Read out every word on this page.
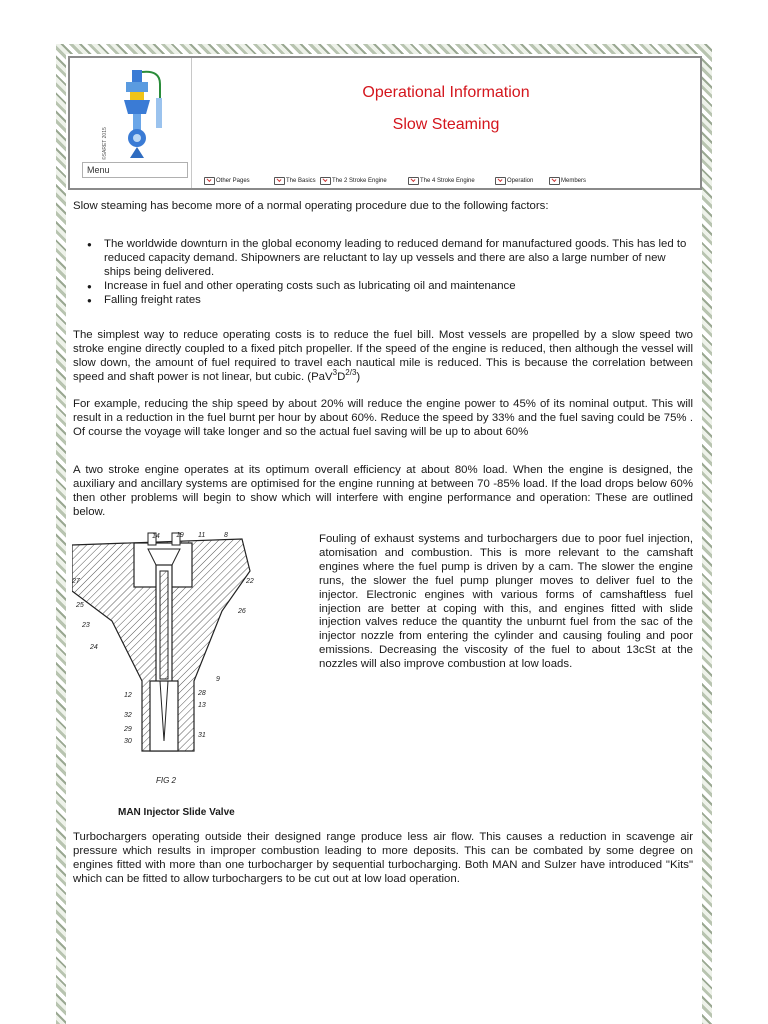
©SARET 2015
Menu
Operational Information
Slow Steaming
Other Pages	The Basics	The 2 Stroke Engine	The 4 Stroke Engine	Operation	Members

Slow steaming has become more of a normal operating procedure due to the following factors:

● The worldwide downturn in the global economy leading to reduced demand for manufactured goods. This has led to reduced capacity demand. Shipowners are reluctant to lay up vessels and there are also a large number of new ships being delivered.
● Increase in fuel and other operating costs such as lubricating oil and maintenance
● Falling freight rates

The simplest way to reduce operating costs is to reduce the fuel bill. Most vessels are propelled by a slow speed two stroke engine directly coupled to a fixed pitch propeller. If the speed of the engine is reduced, then although the vessel will slow down, the amount of fuel required to travel each nautical mile is reduced. This is because the correlation between speed and shaft power is not linear, but cubic. $(PaV^3D^{2/3})$

For example, reducing the ship speed by about 20% will reduce the engine power to 45% of its nominal output. This will result in a reduction in the fuel burnt per hour by about 60%. Reduce the speed by 33% and the fuel saving could be 75% . Of course the voyage will take longer and so the actual fuel saving will be up to about 60%

A two stroke engine operates at its optimum overall efficiency at about 80% load. When the engine is designed, the auxiliary and ancillary systems are optimised for the engine running at between 70 -85% load. If the load drops below 60% then other problems will begin to show which will interfere with engine performance and operation: These are outlined below.

Fouling of exhaust systems and turbochargers due to poor fuel injection, atomisation and combustion. This is more relevant to the camshaft engines where the fuel pump is driven by a cam. The slower the engine runs, the slower the fuel pump plunger moves to deliver fuel to the injector. Electronic engines with various forms of camshaftless fuel injection are better at coping with this, and engines fitted with slide injection valves reduce the quantity the unburnt fuel from the sac of the injector nozzle from entering the cylinder and causing fouling and poor emissions. Decreasing the viscosity of the fuel to about 13cSt at the nozzles will also improve combustion at low loads.

MAN Injector Slide Valve

Turbochargers operating outside their designed range produce less air flow. This causes a reduction in scavenge air pressure which results in improper combustion leading to more deposits. This can be combated by some degree on engines fitted with more than one turbocharger by sequential turbocharging. Both MAN and Sulzer have introduced "Kits" which can be fitted to allow turbochargers to be cut out at low load operation.

14 19 11	8
27	22
25
26
23
24
9
12	28
13
32
29
31
30
FIG 2
